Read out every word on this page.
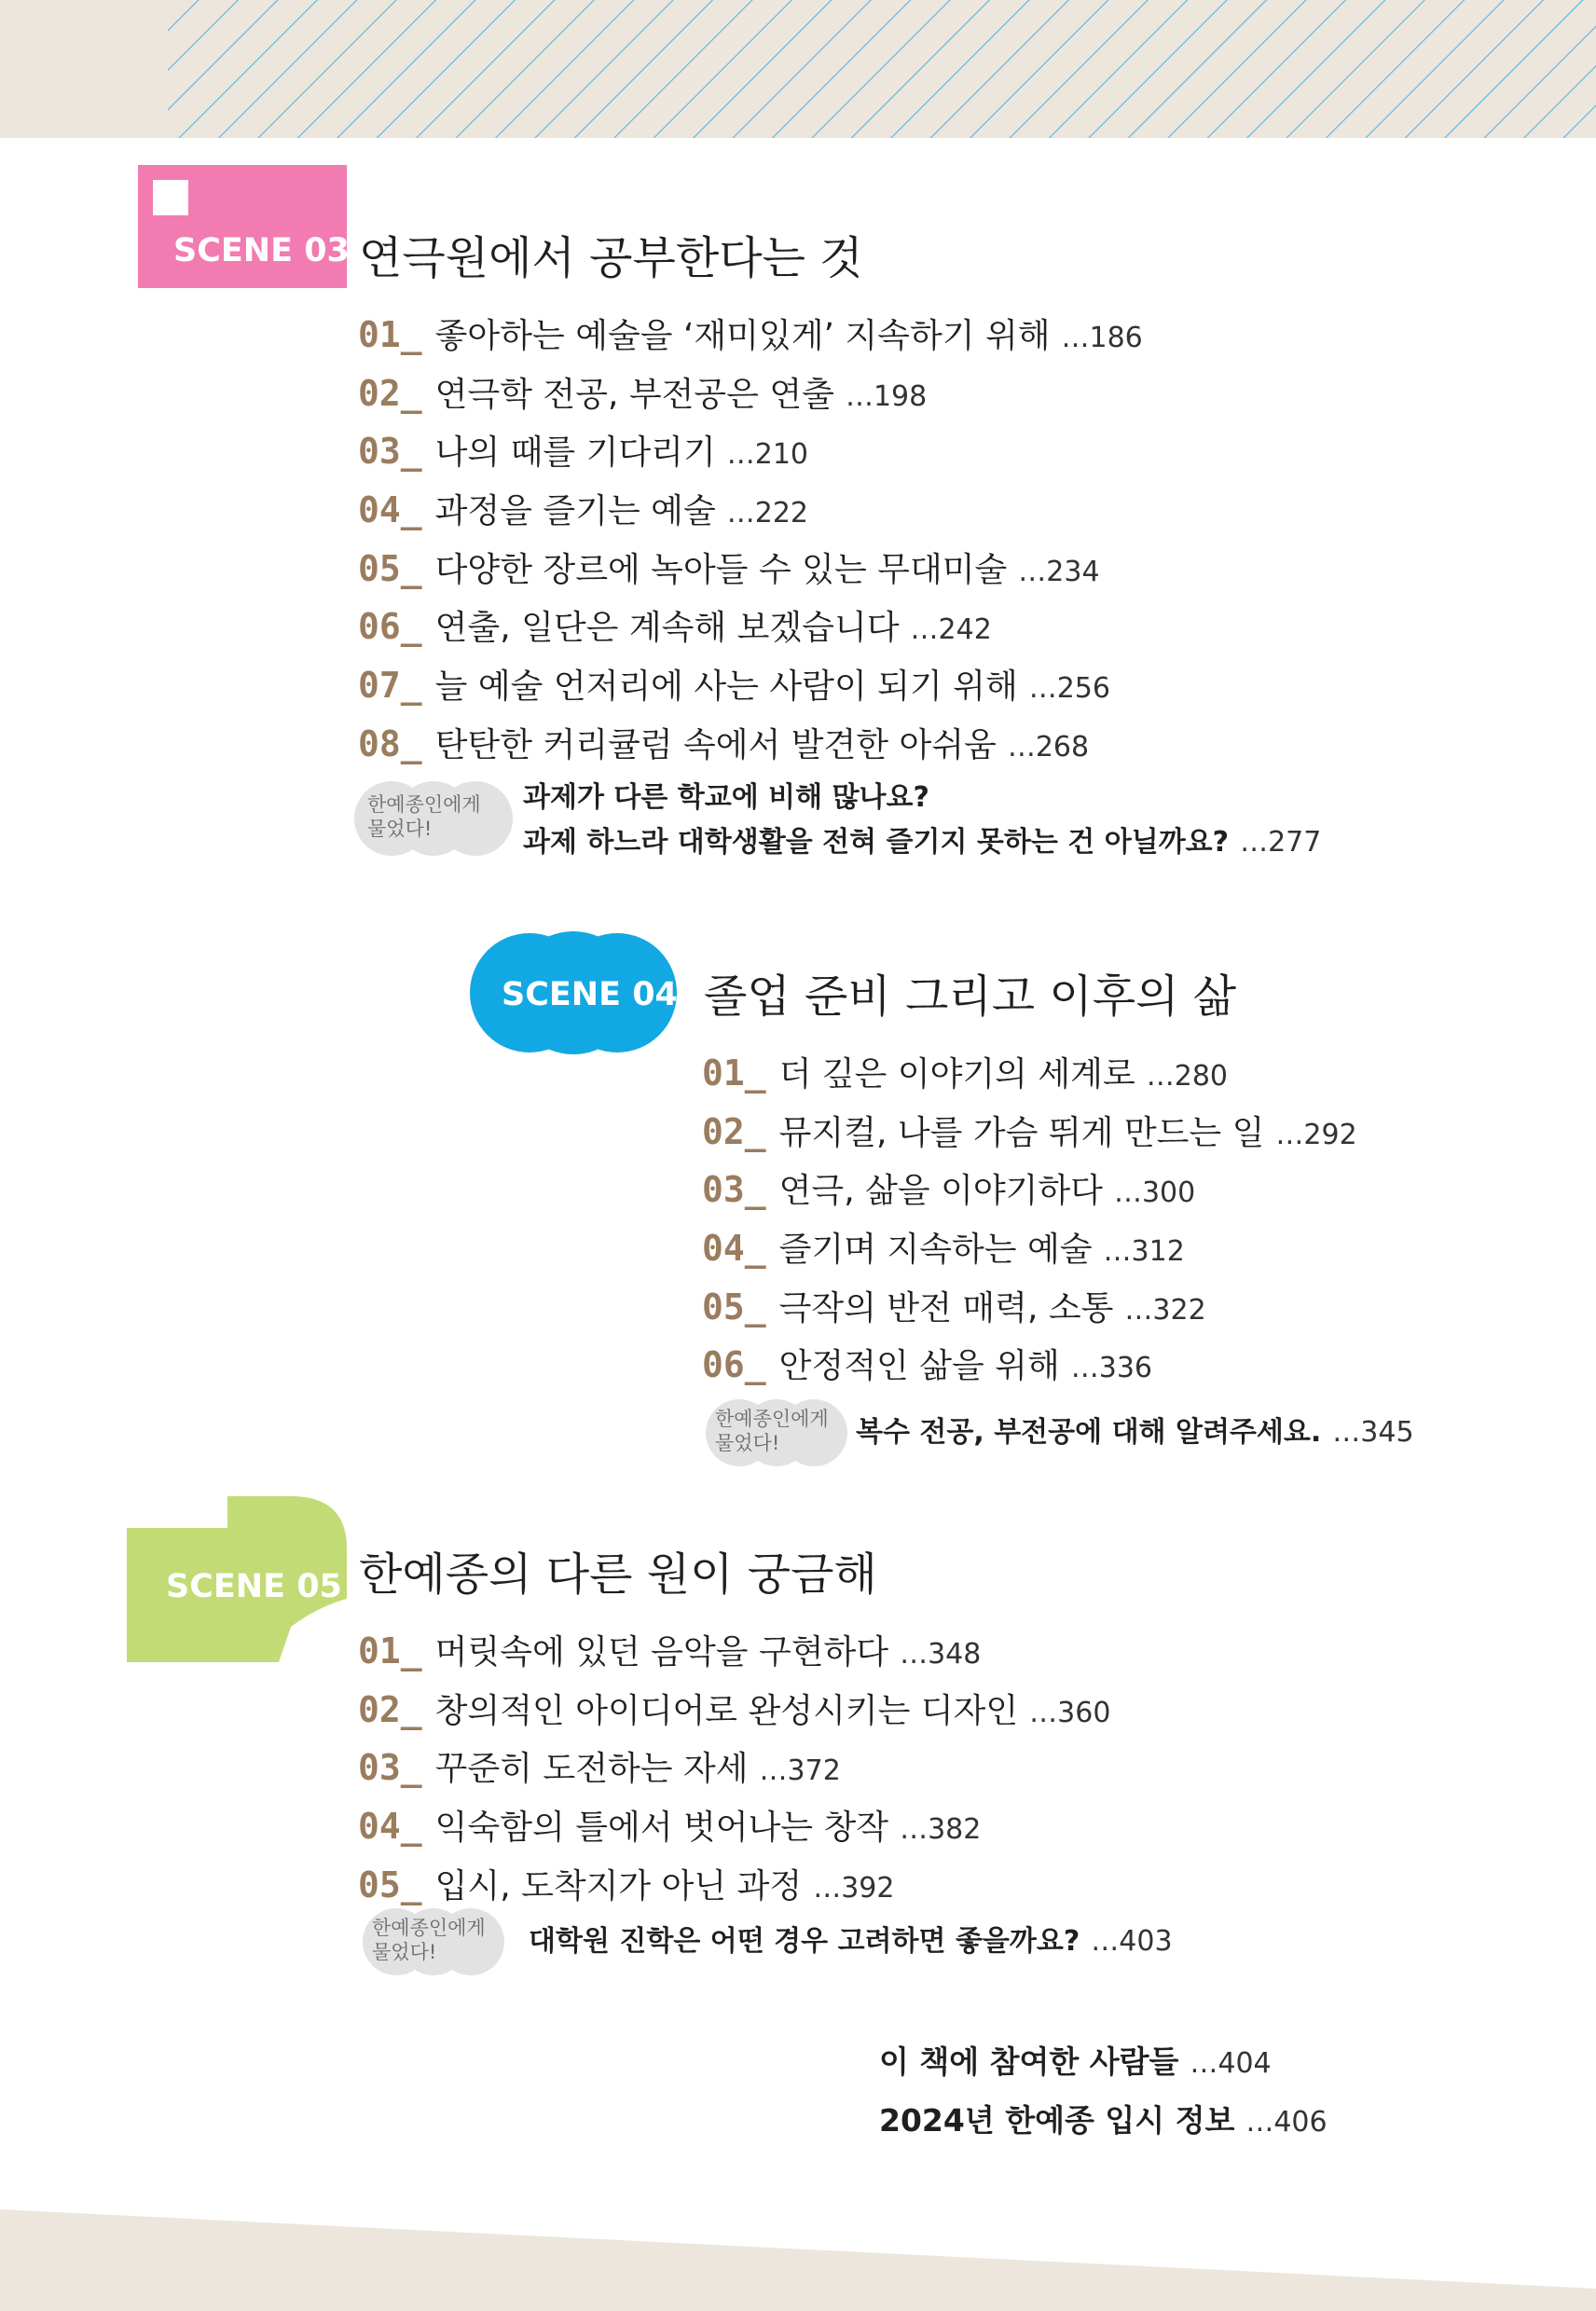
SCENE 03 연극원에서 공부한다는 것
01_ 좋아하는 예술을 ‘재미있게’ 지속하기 위해 …186
02_ 연극학 전공, 부전공은 연출 …198
03_ 나의 때를 기다리기 …210
04_ 과정을 즐기는 예술 …222
05_ 다양한 장르에 녹아들 수 있는 무대미술 …234
06_ 연출, 일단은 계속해 보겠습니다 …242
07_ 늘 예술 언저리에 사는 사람이 되기 위해 …256
08_ 탄탄한 커리큘럼 속에서 발견한 아쉬움 …268
한예종인에게
물었다!
과제가 다른 학교에 비해 많나요?
과제 하느라 대학생활을 전혀 즐기지 못하는 건 아닐까요? …277
SCENE 04 졸업 준비 그리고 이후의 삶
01_ 더 깊은 이야기의 세계로 …280
02_ 뮤지컬, 나를 가슴 뛰게 만드는 일 …292
03_ 연극, 삶을 이야기하다 …300
04_ 즐기며 지속하는 예술 …312
05_ 극작의 반전 매력, 소통 …322
06_ 안정적인 삶을 위해 …336
한예종인에게
물었다!	복수 전공, 부전공에 대해 알려주세요. …345
SCENE 05 한예종의 다른 원이 궁금해
01_ 머릿속에 있던 음악을 구현하다 …348
02_ 창의적인 아이디어로 완성시키는 디자인 …360
03_ 꾸준히 도전하는 자세 …372
04_ 익숙함의 틀에서 벗어나는 창작 …382
05_ 입시, 도착지가 아닌 과정 …392
한예종인에게
물었다!	대학원 진학은 어떤 경우 고려하면 좋을까요? …403
이 책에 참여한 사람들 …404
2024년 한예종 입시 정보 …406
